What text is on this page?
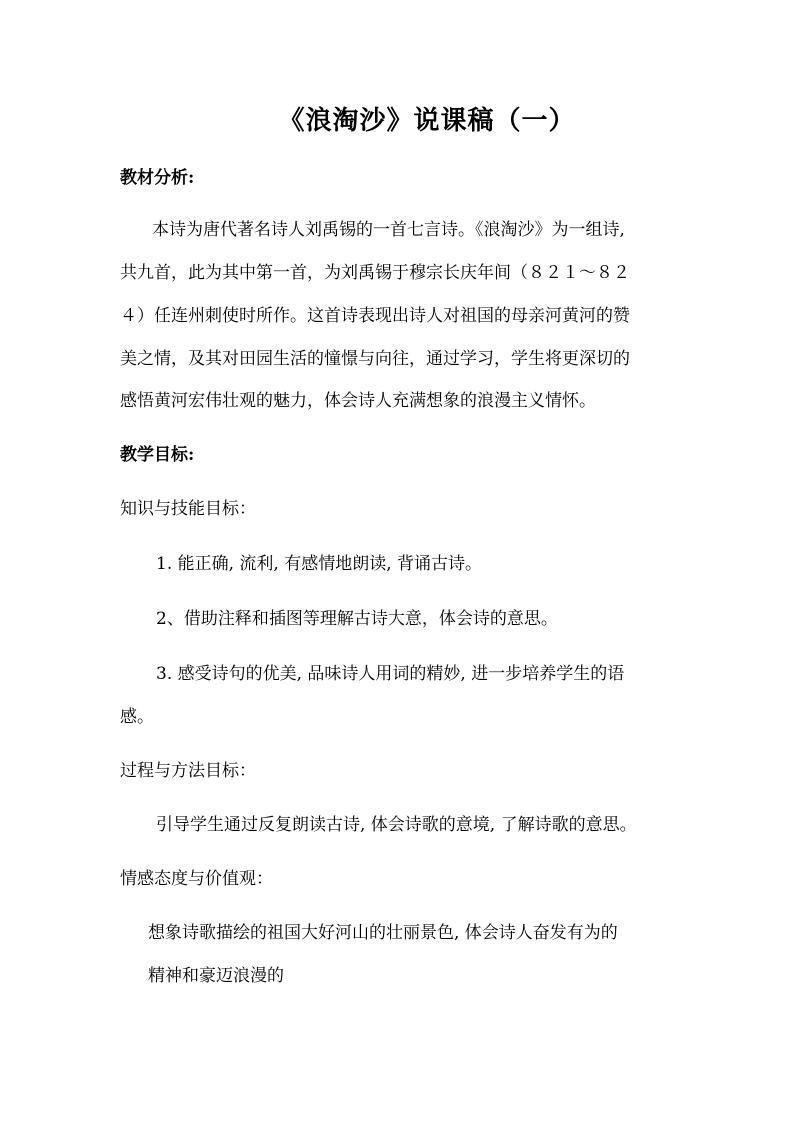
《浪淘沙》说课稿（一）
教材分析:
本诗为唐代著名诗人刘禹锡的一首七言诗。《浪淘沙》为一组诗,
共九首，此为其中第一首，为刘禹锡于穆宗长庆年间（８２１～８２
４）任连州刺使时所作。这首诗表现出诗人对祖国的母亲河黄河的赞
美之情，及其对田园生活的憧憬与向往，通过学习，学生将更深切的
感悟黄河宏伟壮观的魅力，体会诗人充满想象的浪漫主义情怀。
教学目标:
知识与技能目标：
1. 能正确, 流利, 有感情地朗读, 背诵古诗。
2、借助注释和插图等理解古诗大意，体会诗的意思。
3. 感受诗句的优美, 品味诗人用词的精妙, 进一步培养学生的语
感。
过程与方法目标：
引导学生通过反复朗读古诗, 体会诗歌的意境, 了解诗歌的意思。
情感态度与价值观：
想象诗歌描绘的祖国大好河山的壮丽景色, 体会诗人奋发有为的
精神和豪迈浪漫的
